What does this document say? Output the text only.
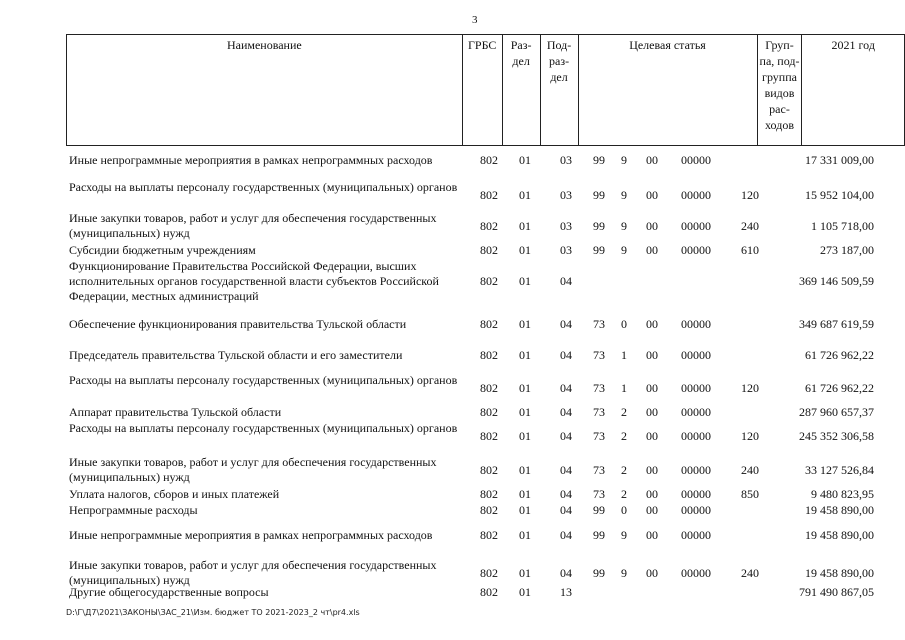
3
Наименование	ГРБС	Раз-
дел	Под-
раз-
дел	Целевая статья	Груп-
па, под-
группа
видов
рас-
ходов	2021 год
Иные непрограммные мероприятия в рамках непрограммных расходов	802	01	03	99	9	00	00000	17 331 009,00
Расходы на выплаты персоналу государственных (муниципальных) органов
802	01	03	99	9	00	00000	120	15 952 104,00
Иные закупки товаров, работ и услуг для обеспечения государственных (муниципальных) нужд	802	01	03	99	9	00	00000	240	1 105 718,00
Субсидии бюджетным учреждениям	802	01	03	99	9	00	00000	610	273 187,00
Функционирование Правительства Российской Федерации, высших исполнительных органов государственной власти субъектов Российской Федерации, местных администраций
802	01	04	369 146 509,59
Обеспечение функционирования правительства Тульской области	802	01	04	73	0	00	00000	349 687 619,59
Председатель правительства Тульской области и его заместители	802	01	04	73	1	00	00000	61 726 962,22
Расходы на выплаты персоналу государственных (муниципальных) органов
802	01	04	73	1	00	00000	120	61 726 962,22
Аппарат правительства Тульской области	802	01	04	73	2	00	00000	287 960 657,37
Расходы на выплаты персоналу государственных (муниципальных) органов
802	01	04	73	2	00	00000	120	245 352 306,58
Иные закупки товаров, работ и услуг для обеспечения государственных (муниципальных) нужд	802	01	04	73	2	00	00000	240	33 127 526,84
Уплата налогов, сборов и иных платежей	802	01	04	73	2	00	00000	850	9 480 823,95
Непрограммные расходы	802	01	04	99	0	00	00000	19 458 890,00
Иные непрограммные мероприятия в рамках непрограммных расходов	802	01	04	99	9	00	00000	19 458 890,00
Иные закупки товаров, работ и услуг для обеспечения государственных (муниципальных) нужд	802	01	04	99	9	00	00000	240	19 458 890,00
Другие общегосударственные вопросы	802	01	13	791 490 867,05
D:\Г\Д7\2021\ЗАКОНЫ\ЗАС_21\Изм. бюджет ТО 2021-2023_2 чт\pr4.xls
